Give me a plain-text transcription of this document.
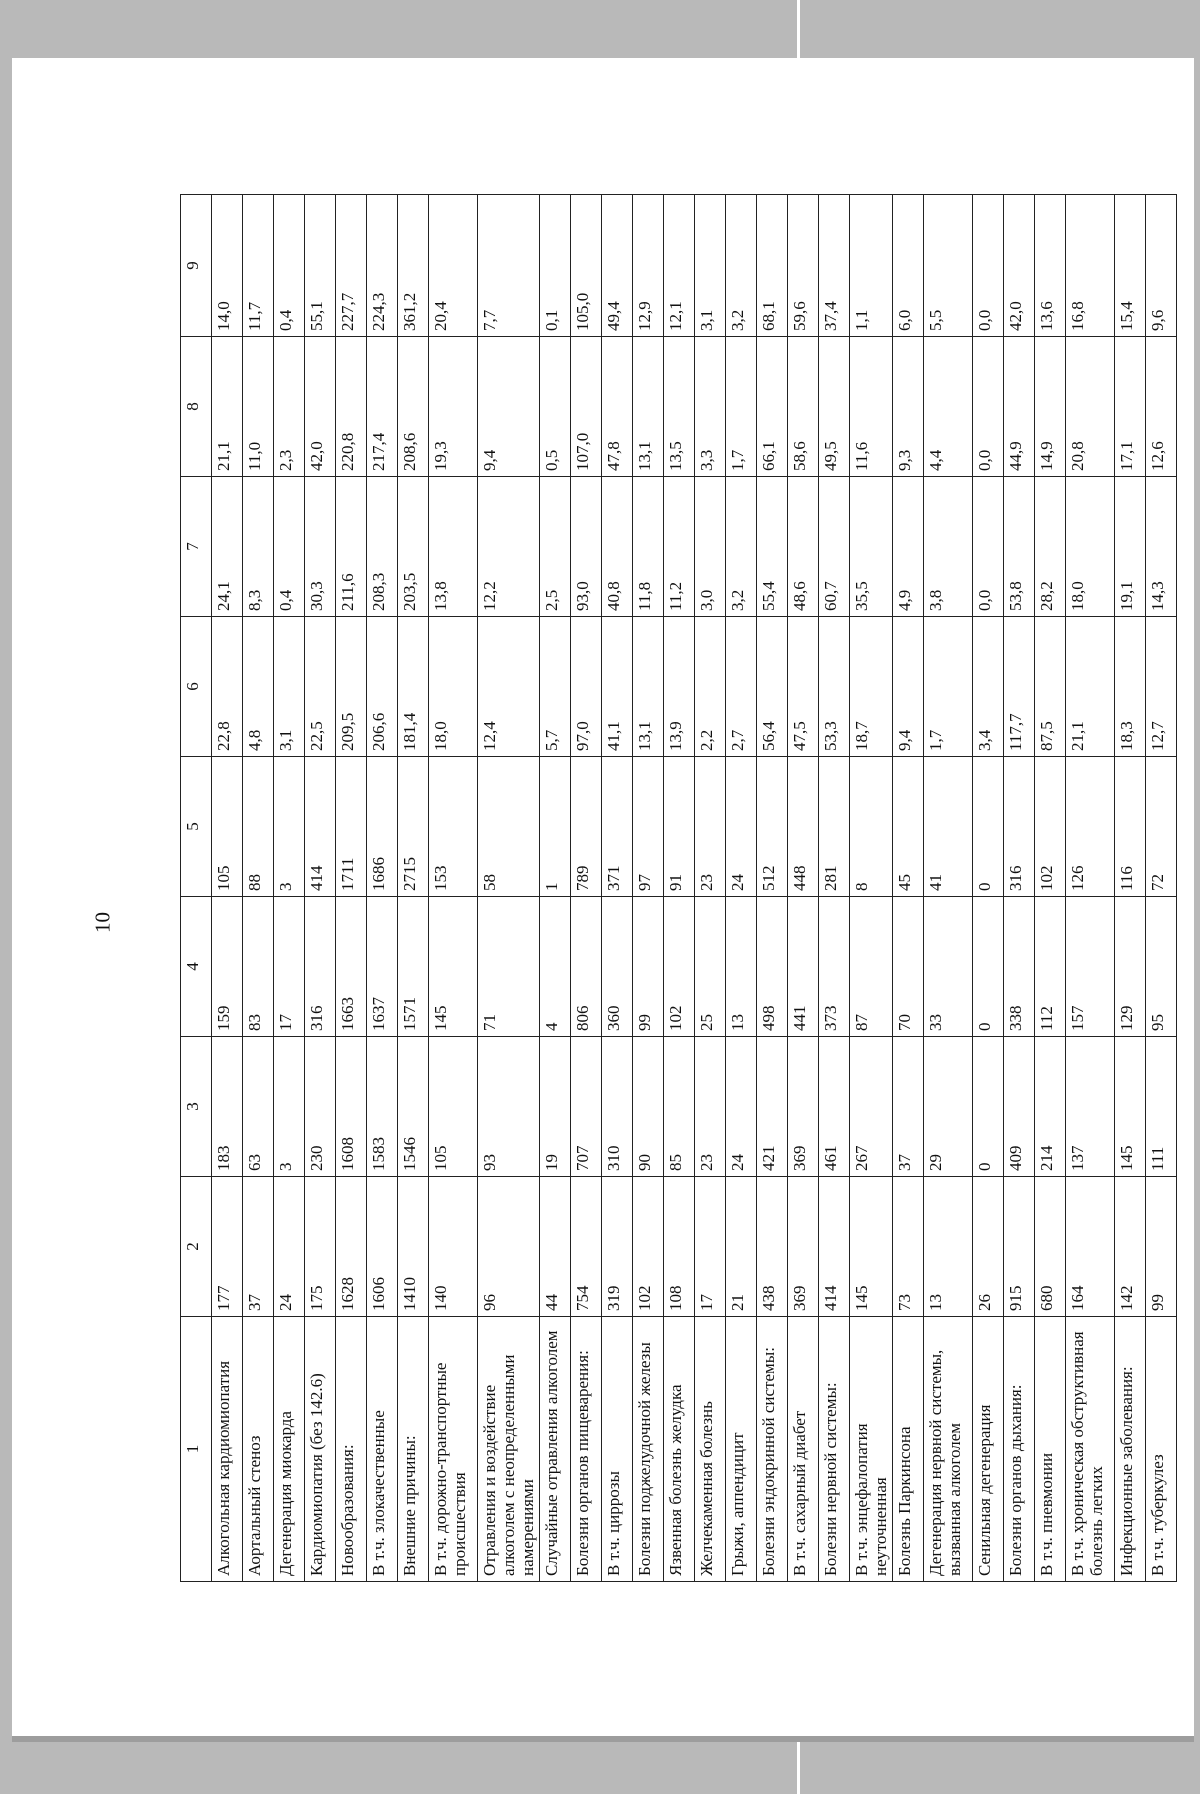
10
1	2	3	4	5	6	7	8	9
Алкогольная кардиомиопатия	177	183	159	105	22,8	24,1	21,1	14,0
Аортальный стеноз	37	63	83	88	4,8	8,3	11,0	11,7
Дегенерация миокарда	24	3	17	3	3,1	0,4	2,3	0,4
Кардиомиопатия (без 142.6)	175	230	316	414	22,5	30,3	42,0	55,1
Новообразования:	1628	1608	1663	1711	209,5	211,6	220,8	227,7
В т.ч. злокачественные	1606	1583	1637	1686	206,6	208,3	217,4	224,3
Внешние причины:	1410	1546	1571	2715	181,4	203,5	208,6	361,2
В т.ч. дорожно-транспортные происшествия	140	105	145	153	18,0	13,8	19,3	20,4
Отравления и воздействие алкоголем с неопределенными намерениями	96	93	71	58	12,4	12,2	9,4	7,7
Случайные отравления алкоголем	44	19	4	1	5,7	2,5	0,5	0,1
Болезни органов пищеварения:	754	707	806	789	97,0	93,0	107,0	105,0
В т.ч. циррозы	319	310	360	371	41,1	40,8	47,8	49,4
Болезни поджелудочной железы	102	90	99	97	13,1	11,8	13,1	12,9
Язвенная болезнь желудка	108	85	102	91	13,9	11,2	13,5	12,1
Желчекаменная болезнь	17	23	25	23	2,2	3,0	3,3	3,1
Грыжи, аппендицит	21	24	13	24	2,7	3,2	1,7	3,2
Болезни эндокринной системы:	438	421	498	512	56,4	55,4	66,1	68,1
В т.ч. сахарный диабет	369	369	441	448	47,5	48,6	58,6	59,6
Болезни нервной системы:	414	461	373	281	53,3	60,7	49,5	37,4
В т.ч. энцефалопатия неуточненная	145	267	87	8	18,7	35,5	11,6	1,1
Болезнь Паркинсона	73	37	70	45	9,4	4,9	9,3	6,0
Дегенерация нервной системы, вызванная алкоголем	13	29	33	41	1,7	3,8	4,4	5,5
Сенильная дегенерация	26	0	0	0	3,4	0,0	0,0	0,0
Болезни органов дыхания:	915	409	338	316	117,7	53,8	44,9	42,0
В т.ч. пневмонии	680	214	112	102	87,5	28,2	14,9	13,6
В т.ч. хроническая обструктивная болезнь легких	164	137	157	126	21,1	18,0	20,8	16,8
Инфекционные заболевания:	142	145	129	116	18,3	19,1	17,1	15,4
В т.ч. туберкулез	99	111	95	72	12,7	14,3	12,6	9,6
